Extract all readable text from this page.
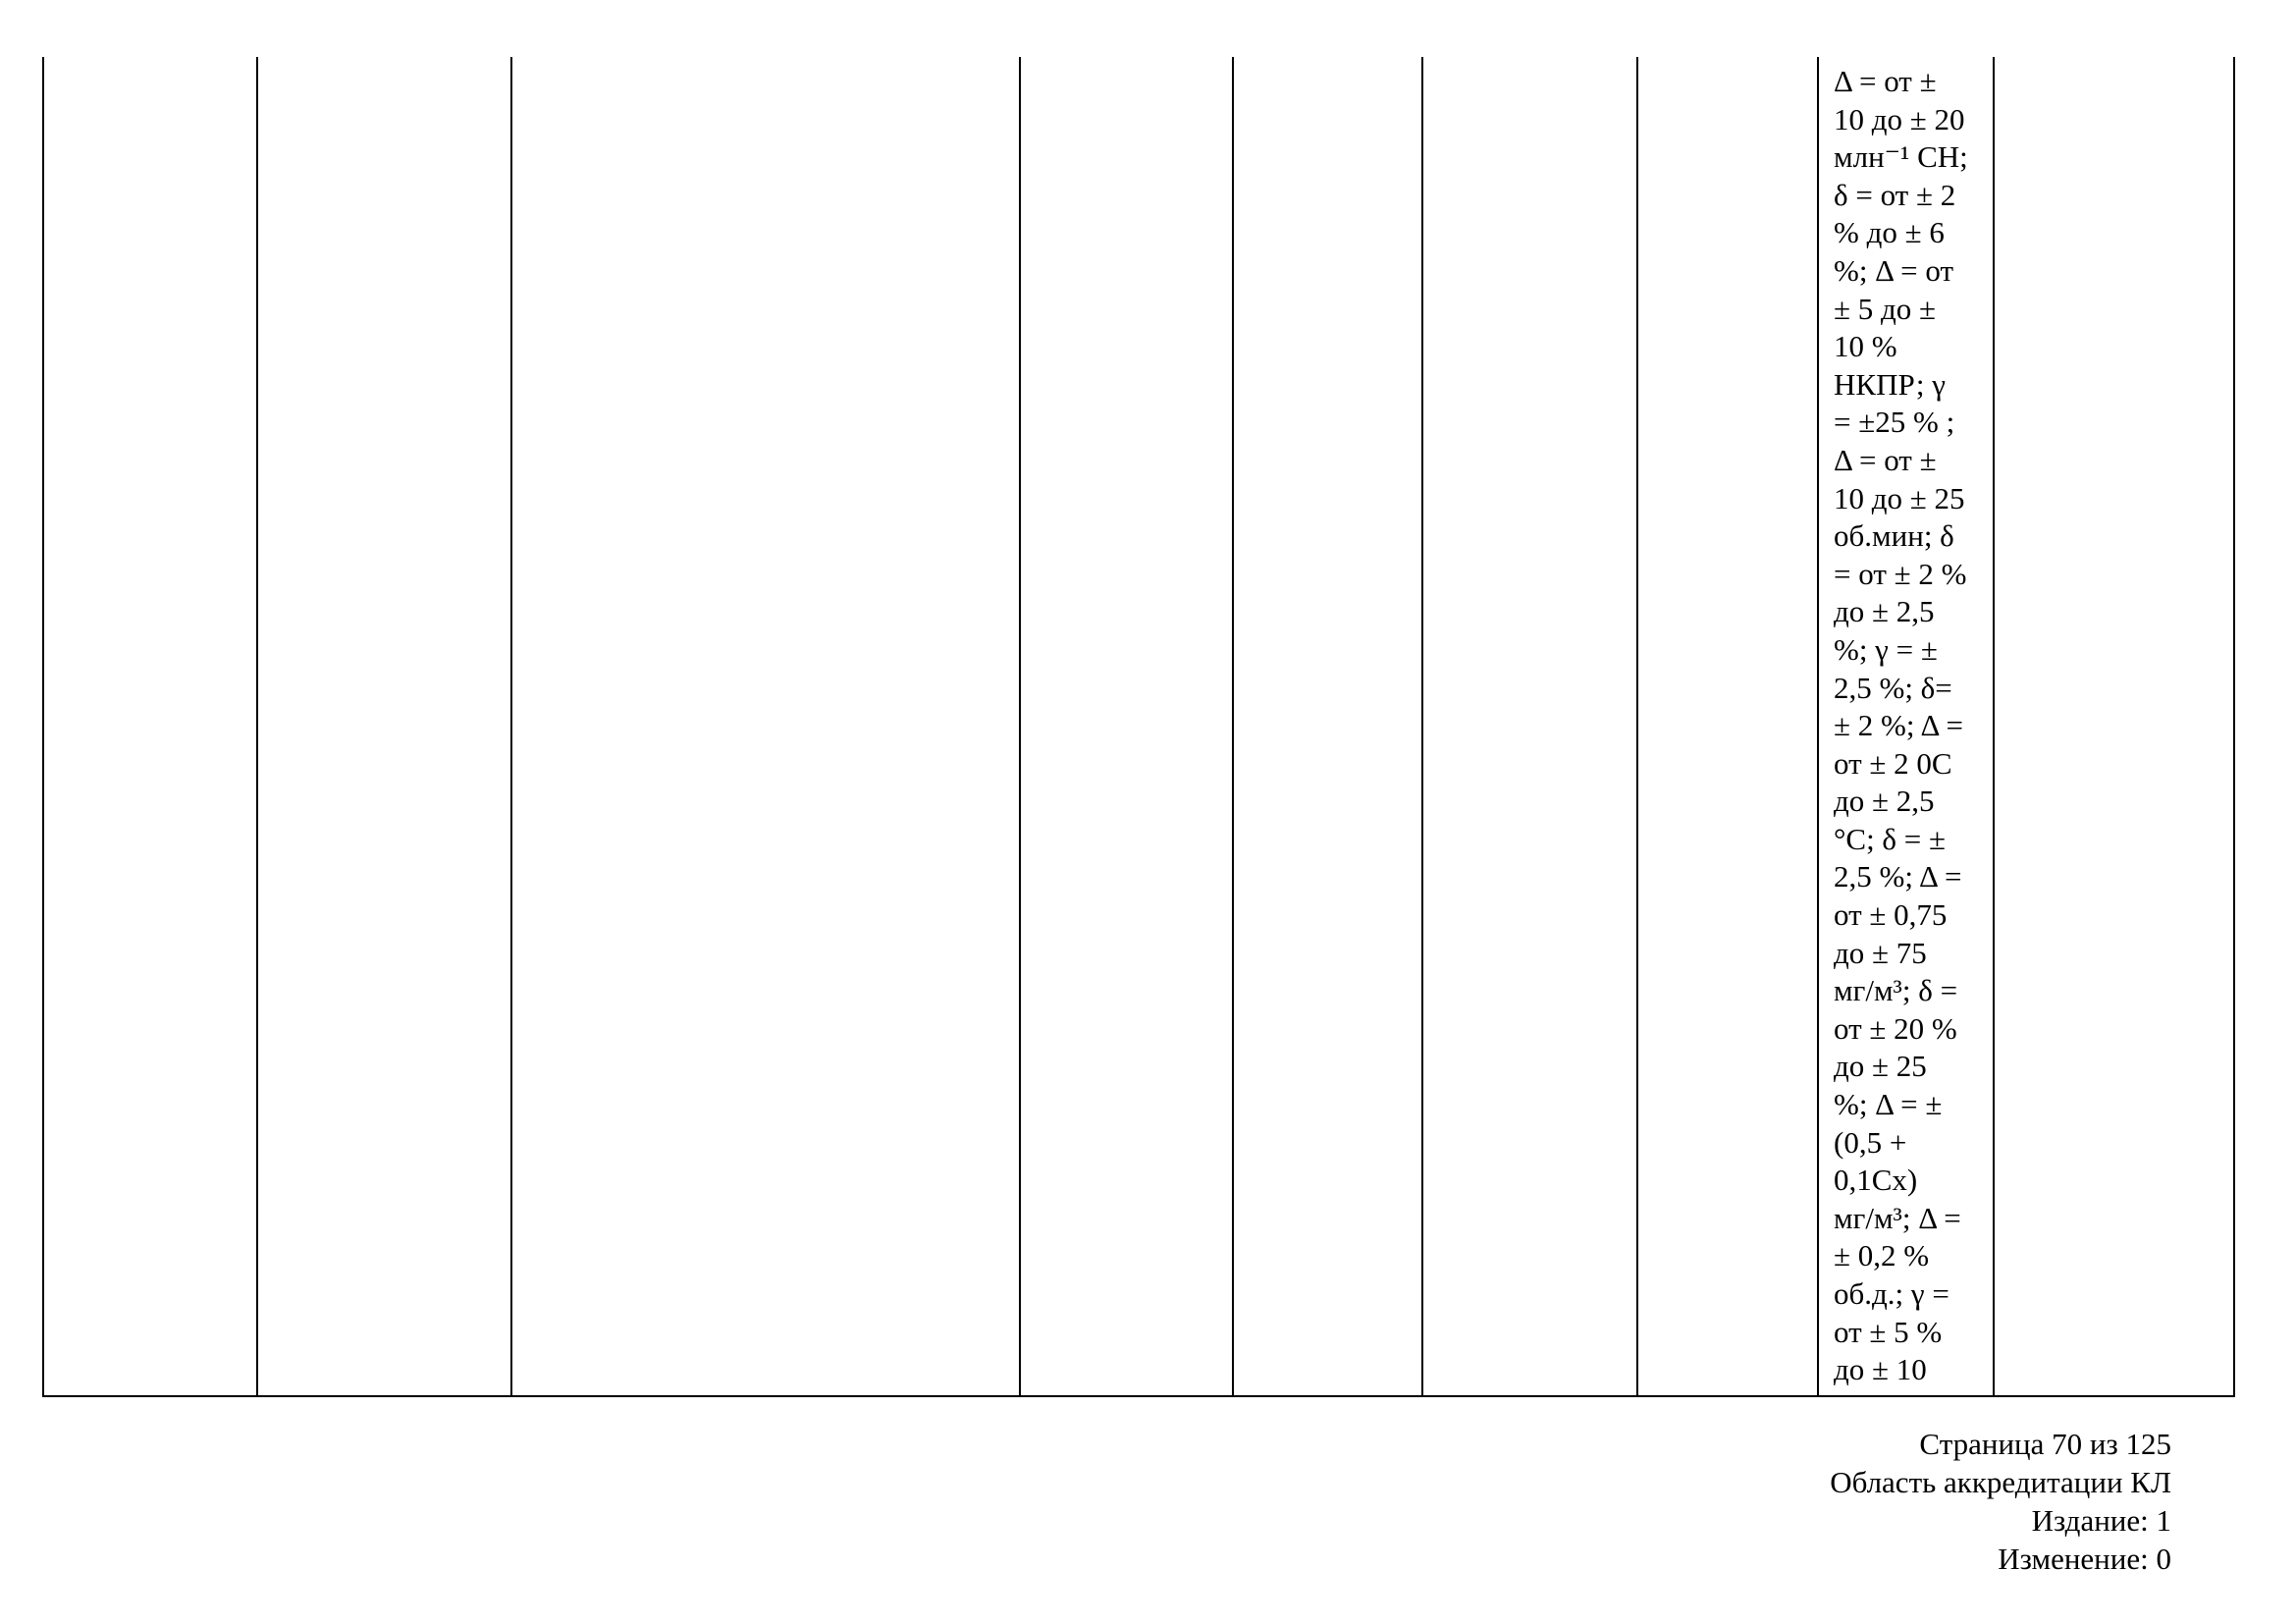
Δ = от ±
10 до ± 20
млн⁻¹ СН;
δ = от ± 2
% до ± 6
%; Δ = от
± 5 до ±
10 %
НКПР; γ
= ±25 % ;
Δ = от ±
10 до ± 25
об.мин; δ
= от ± 2 %
до ± 2,5
%; γ = ±
2,5 %; δ=
± 2 %; Δ =
от ± 2 0С
до ± 2,5
°С; δ = ±
2,5 %; Δ =
от ± 0,75
до ± 75
мг/м³; δ =
от ± 20 %
до ± 25
%; Δ = ±
(0,5 +
0,1Сх)
мг/м³; Δ =
± 0,2 %
об.д.; γ =
от ± 5 %
до ± 10

Страница 70 из 125
Область аккредитации КЛ
Издание: 1
Изменение: 0
